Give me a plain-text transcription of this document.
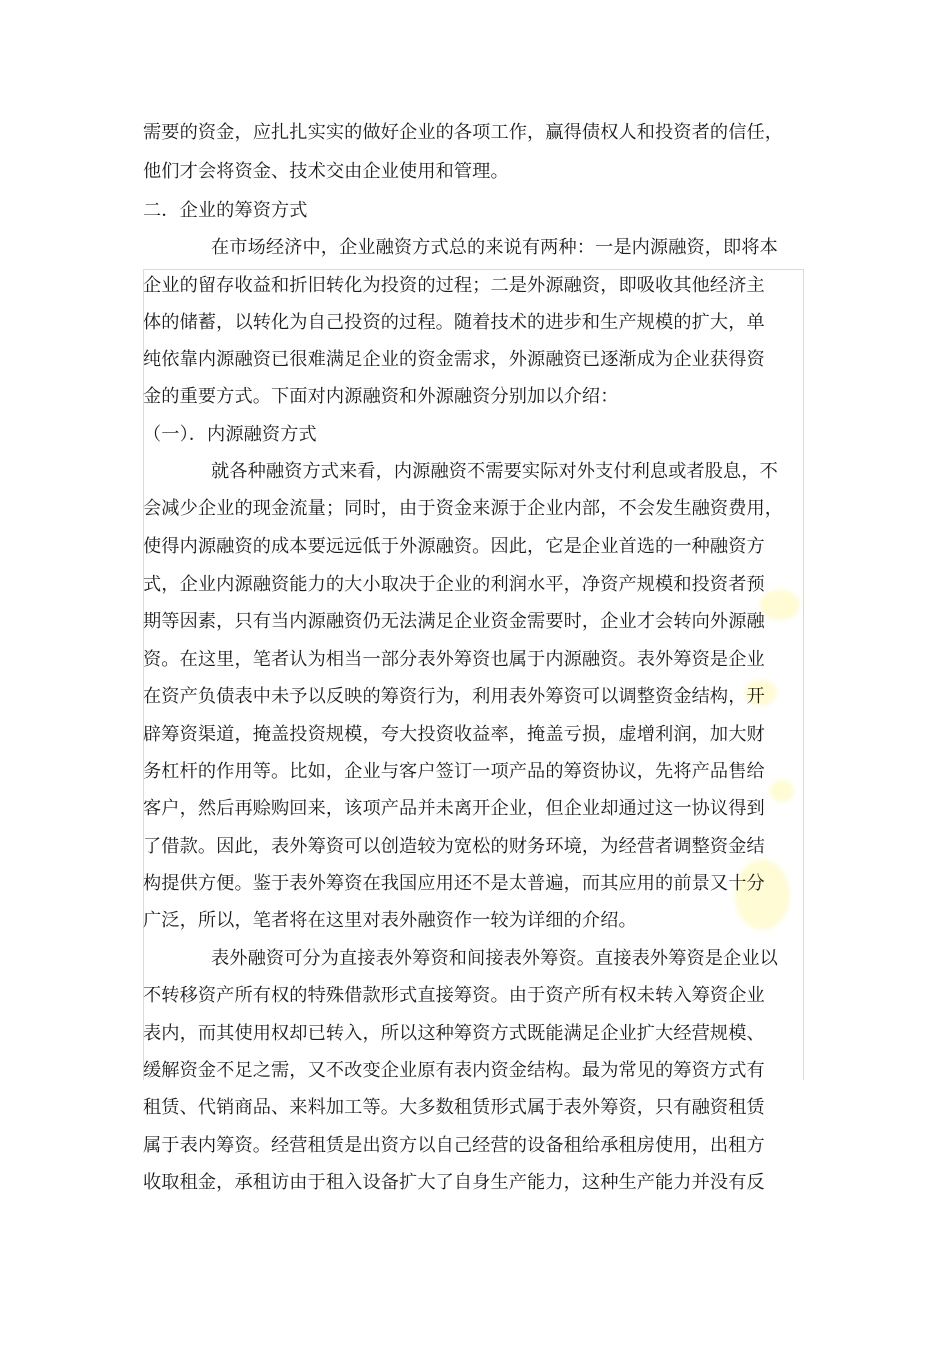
需要的资金，应扎扎实实的做好企业的各项工作，赢得债权人和投资者的信任，
他们才会将资金、技术交由企业使用和管理。
二．企业的筹资方式
在市场经济中，企业融资方式总的来说有两种：一是内源融资，即将本
企业的留存收益和折旧转化为投资的过程；二是外源融资，即吸收其他经济主
体的储蓄，以转化为自己投资的过程。随着技术的进步和生产规模的扩大，单
纯依靠内源融资已很难满足企业的资金需求，外源融资已逐渐成为企业获得资
金的重要方式。下面对内源融资和外源融资分别加以介绍：
（一）．内源融资方式
就各种融资方式来看，内源融资不需要实际对外支付利息或者股息，不
会减少企业的现金流量；同时，由于资金来源于企业内部，不会发生融资费用，
使得内源融资的成本要远远低于外源融资。因此，它是企业首选的一种融资方
式，企业内源融资能力的大小取决于企业的利润水平，净资产规模和投资者预
期等因素，只有当内源融资仍无法满足企业资金需要时，企业才会转向外源融
资。在这里，笔者认为相当一部分表外筹资也属于内源融资。表外筹资是企业
在资产负债表中未予以反映的筹资行为，利用表外筹资可以调整资金结构，开
辟筹资渠道，掩盖投资规模，夸大投资收益率，掩盖亏损，虚增利润，加大财
务杠杆的作用等。比如，企业与客户签订一项产品的筹资协议，先将产品售给
客户，然后再赊购回来，该项产品并未离开企业，但企业却通过这一协议得到
了借款。因此，表外筹资可以创造较为宽松的财务环境，为经营者调整资金结
构提供方便。鉴于表外筹资在我国应用还不是太普遍，而其应用的前景又十分
广泛，所以，笔者将在这里对表外融资作一较为详细的介绍。
表外融资可分为直接表外筹资和间接表外筹资。直接表外筹资是企业以
不转移资产所有权的特殊借款形式直接筹资。由于资产所有权未转入筹资企业
表内，而其使用权却已转入，所以这种筹资方式既能满足企业扩大经营规模、
缓解资金不足之需，又不改变企业原有表内资金结构。最为常见的筹资方式有
租赁、代销商品、来料加工等。大多数租赁形式属于表外筹资，只有融资租赁
属于表内筹资。经营租赁是出资方以自己经营的设备租给承租房使用，出租方
收取租金，承租访由于租入设备扩大了自身生产能力，这种生产能力并没有反
